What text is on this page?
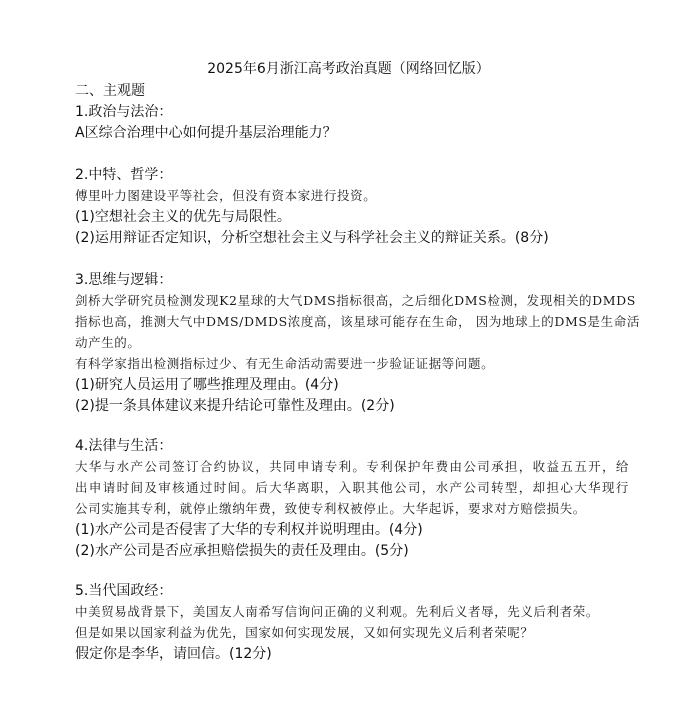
2025年6月浙江高考政治真题（网络回忆版）
二、主观题
1.政治与法治：
A区综合治理中心如何提升基层治理能力？
2.中特、哲学：
傅里叶力图建设平等社会，但没有资本家进行投资。
(1)空想社会主义的优先与局限性。
(2)运用辩证否定知识，分析空想社会主义与科学社会主义的辩证关系。(8分)
3.思维与逻辑：
剑桥大学研究员检测发现K2星球的大气DMS指标很高，之后细化DMS检测，发现相关的DMDS
指标也高，推测大气中DMS/DMDS浓度高，该星球可能存在生命， 因为地球上的DMS是生命活
动产生的。
有科学家指出检测指标过少、有无生命活动需要进一步验证证据等问题。
(1)研究人员运用了哪些推理及理由。(4分)
(2)提一条具体建议来提升结论可靠性及理由。(2分)
4.法律与生活：
大华与水产公司签订合约协议，共同申请专利。专利保护年费由公司承担，收益五五开，给
出申请时间及审核通过时间。后大华离职，入职其他公司，水产公司转型，却担心大华现行
公司实施其专利，就停止缴纳年费，致使专利权被停止。大华起诉，要求对方赔偿损失。
(1)水产公司是否侵害了大华的专利权并说明理由。(4分)
(2)水产公司是否应承担赔偿损失的责任及理由。(5分)
5.当代国政经：
中美贸易战背景下，美国友人南希写信询问正确的义利观。先利后义者辱，先义后利者荣。
但是如果以国家利益为优先，国家如何实现发展，又如何实现先义后利者荣呢？
假定你是李华，请回信。(12分)
